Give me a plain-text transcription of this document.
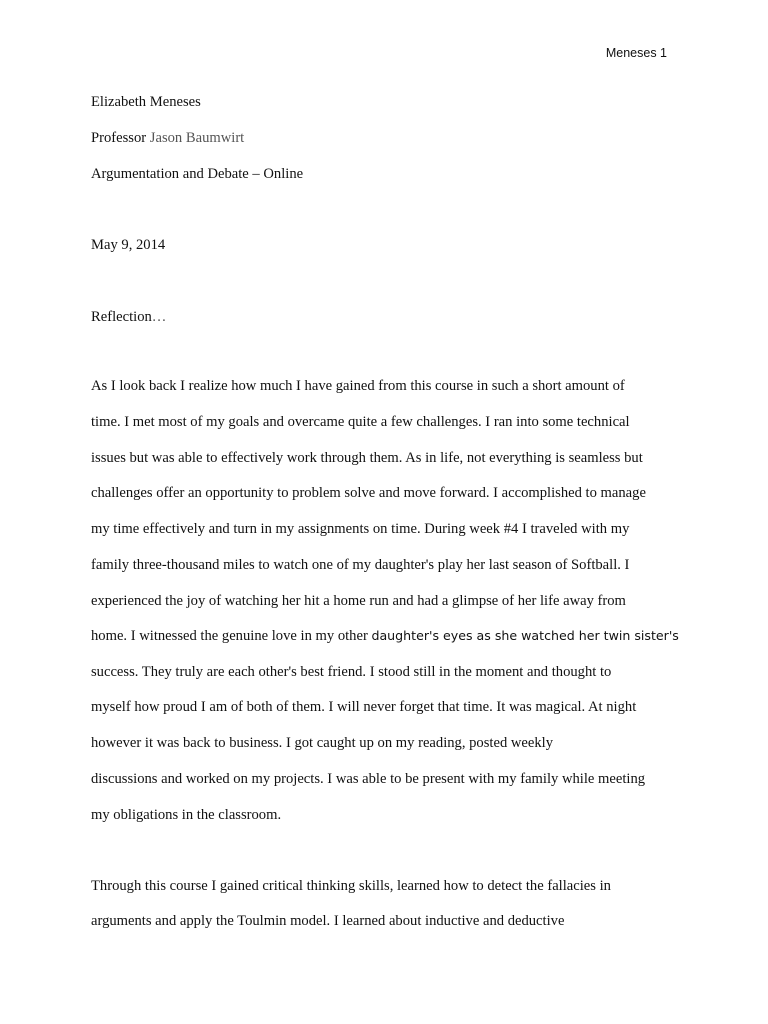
Meneses 1
Elizabeth Meneses
Professor Jason Baumwirt
Argumentation and Debate – Online
May 9, 2014
Reflection…
As I look back I realize how much I have gained from this course in such a short amount of
time. I met most of my goals and overcame quite a few challenges. I ran into some technical
issues but was able to effectively work through them. As in life, not everything is seamless but
challenges offer an opportunity to problem solve and move forward. I accomplished to manage
my time effectively and turn in my assignments on time. During week #4 I traveled with my
family three-thousand miles to watch one of my daughter's play her last season of Softball. I
experienced the joy of watching her hit a home run and had a glimpse of her life away from
home. I witnessed the genuine love in my other daughter's eyes as she watched her twin sister's
success. They truly are each other's best friend. I stood still in the moment and thought to
myself how proud I am of both of them. I will never forget that time. It was magical. At night
however it was back to business. I got caught up on my reading, posted weekly
discussions and worked on my projects. I was able to be present with my family while meeting
my obligations in the classroom.
Through this course I gained critical thinking skills, learned how to detect the fallacies in
arguments and apply the Toulmin model. I learned about inductive and deductive
